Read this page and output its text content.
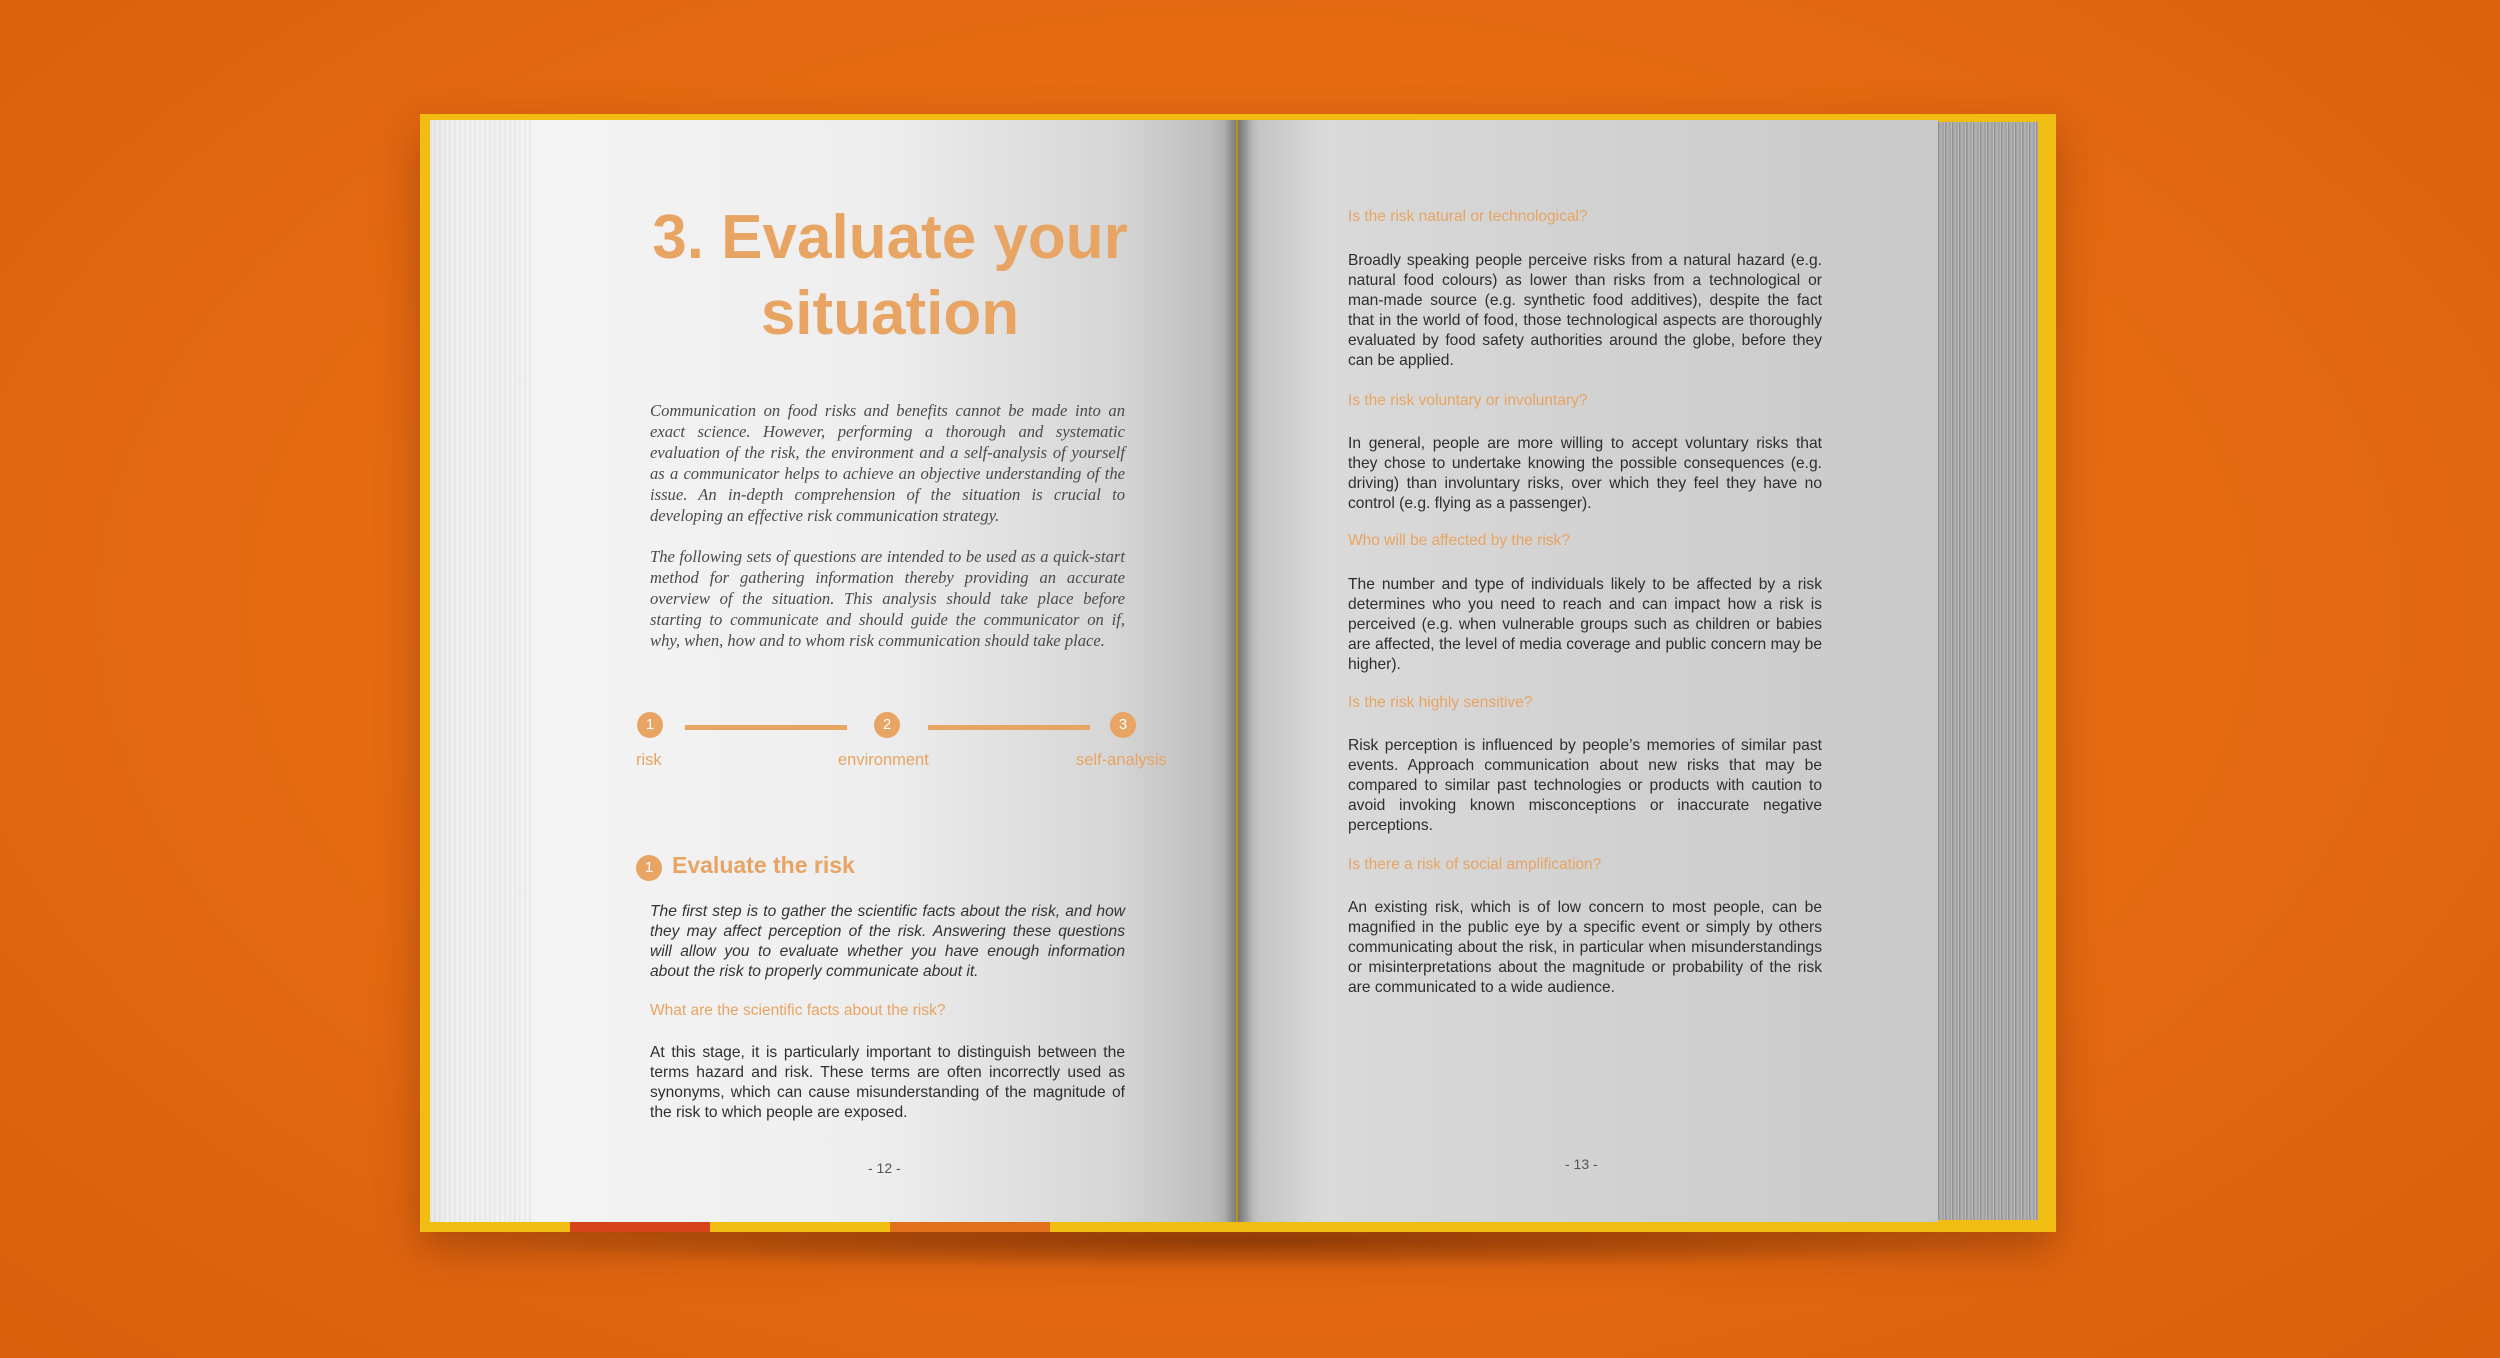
3. Evaluate your
situation

Communication on food risks and benefits cannot be made into an exact science. However, performing a thorough and systematic evaluation of the risk, the environment and a self-analysis of yourself as a communicator helps to achieve an objective understanding of the issue. An in-depth comprehension of the situation is crucial to developing an effective risk communication strategy.

The following sets of questions are intended to be used as a quick-start method for gathering information thereby providing an accurate overview of the situation. This analysis should take place before starting to communicate and should guide the communicator on if, why, when, how and to whom risk communication should take place.

1	2	3
risk	environment	self-analysis
1 Evaluate the risk

The first step is to gather the scientific facts about the risk, and how they may affect perception of the risk. Answering these questions will allow you to evaluate whether you have enough information about the risk to properly communicate about it.

What are the scientific facts about the risk?

At this stage, it is particularly important to distinguish between the terms hazard and risk. These terms are often incorrectly used as synonyms, which can cause misunderstanding of the magnitude of the risk to which people are exposed.

- 12 -

Is the risk natural or technological?

Broadly speaking people perceive risks from a natural hazard (e.g. natural food colours) as lower than risks from a technological or man-made source (e.g. synthetic food additives), despite the fact that in the world of food, those technological aspects are thoroughly evaluated by food safety authorities around the globe, before they can be applied.

Is the risk voluntary or involuntary?

In general, people are more willing to accept voluntary risks that they chose to undertake knowing the possible consequences (e.g. driving) than involuntary risks, over which they feel they have no control (e.g. flying as a passenger).

Who will be affected by the risk?

The number and type of individuals likely to be affected by a risk determines who you need to reach and can impact how a risk is perceived (e.g. when vulnerable groups such as children or babies are affected, the level of media coverage and public concern may be higher).

Is the risk highly sensitive?

Risk perception is influenced by people’s memories of similar past events. Approach communication about new risks that may be compared to similar past technologies or products with caution to avoid invoking known misconceptions or inaccurate negative perceptions.

Is there a risk of social amplification?

An existing risk, which is of low concern to most people, can be magnified in the public eye by a specific event or simply by others communicating about the risk, in particular when misunderstandings or misinterpretations about the magnitude or probability of the risk are communicated to a wide audience.

- 13 -
